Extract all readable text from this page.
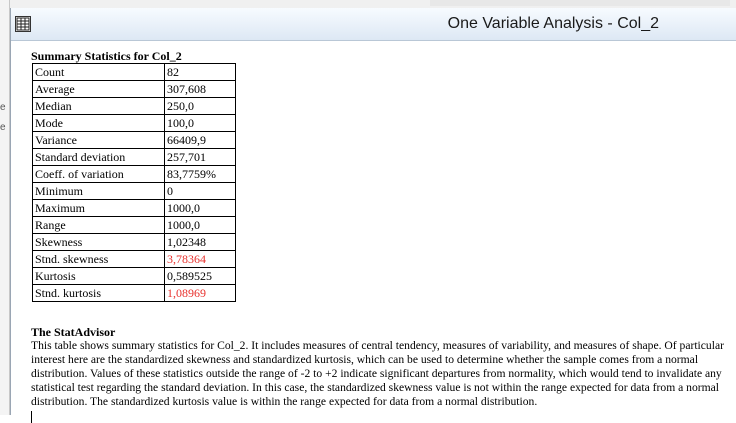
e
e
One Variable Analysis - Col_2
Summary Statistics for Col_2
Count	82
Average	307,608
Median	250,0
Mode	100,0
Variance	66409,9
Standard deviation	257,701
Coeff. of variation	83,7759%
Minimum	0
Maximum	1000,0
Range	1000,0
Skewness	1,02348
Stnd. skewness	3,78364
Kurtosis	0,589525
Stnd. kurtosis	1,08969
The StatAdvisor
This table shows summary statistics for Col_2. It includes measures of central tendency, measures of variability, and measures of shape. Of particular interest here are the standardized skewness and standardized kurtosis, which can be used to determine whether the sample comes from a normal distribution. Values of these statistics outside the range of -2 to +2 indicate significant departures from normality, which would tend to invalidate any statistical test regarding the standard deviation. In this case, the standardized skewness value is not within the range expected for data from a normal distribution. The standardized kurtosis value is within the range expected for data from a normal distribution.
